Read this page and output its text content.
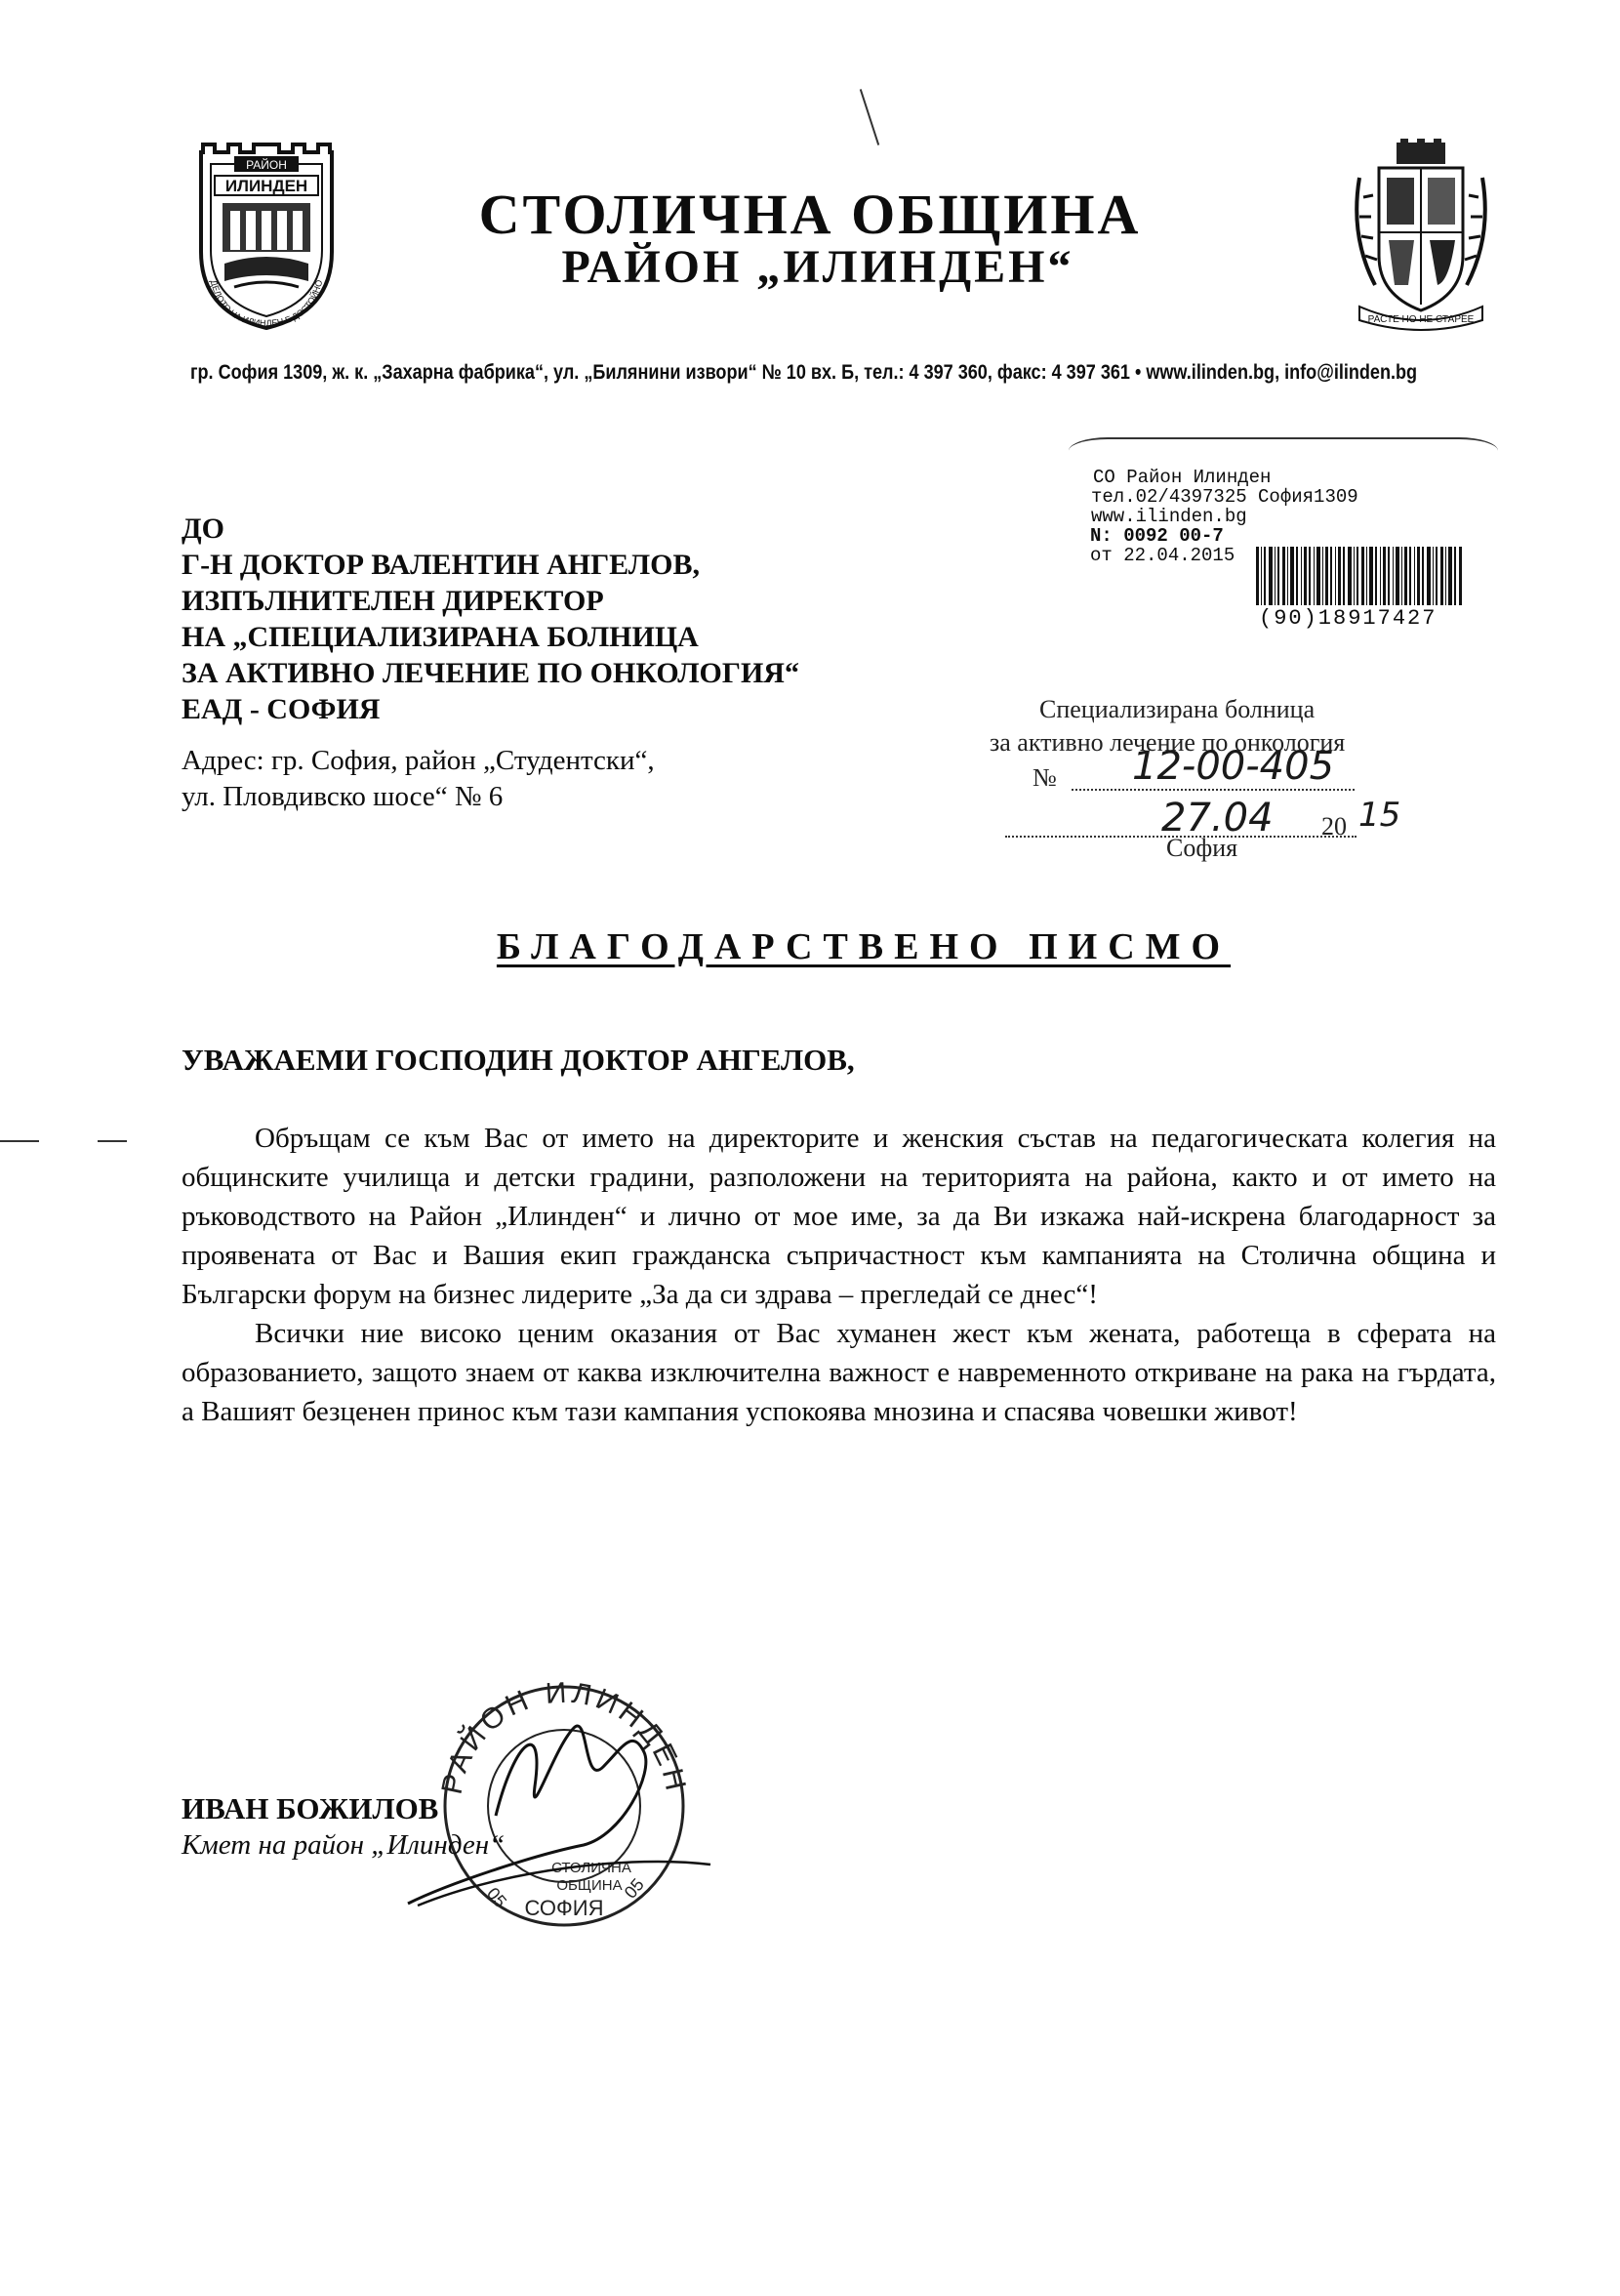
РАЙОН
ИЛИНДЕН
ДЕЛОТО НА ИЛИНДЕН Е ДОСТОЙНО
СТОЛИЧНА ОБЩИНА
РАЙОН „ИЛИНДЕН“
РАСТЕ НО НЕ СТАРЕЕ
гр. София 1309, ж. к. „Захарна фабрика“, ул. „Билянини извори“ № 10 вх. Б, тел.: 4 397 360, факс: 4 397 361 • www.ilinden.bg, info@ilinden.bg
СО Район Илинден
тел.02/4397325 София1309
www.ilinden.bg
N: 0092 00-7
от 22.04.2015
(90)18917427
ДО
Г-Н ДОКТОР ВАЛЕНТИН АНГЕЛОВ,
ИЗПЪЛНИТЕЛЕН ДИРЕКТОР
НА „СПЕЦИАЛИЗИРАНА БОЛНИЦА
ЗА АКТИВНО ЛЕЧЕНИЕ ПО ОНКОЛОГИЯ“
ЕАД - СОФИЯ
Адрес: гр. София, район „Студентски“,
ул. Пловдивско шосе“ № 6
Специализирана болница
за активно лечение по онкология
№ 12-00-405
27.04 20 15
София
БЛАГОДАРСТВЕНО ПИСМО
УВАЖАЕМИ ГОСПОДИН ДОКТОР АНГЕЛОВ,

Обръщам се към Вас от името на директорите и женския състав на педагогическата колегия на общинските училища и детски градини, разположени на територията на района, както и от името на ръководството на Район „Илинден“ и лично от мое име, за да Ви изкажа най-искрена благодарност за проявената от Вас и Вашия екип гражданска съпричастност към кампанията на Столична община и Български форум на бизнес лидерите „За да си здрава – прегледай се днес“!

Всички ние високо ценим оказания от Вас хуманен жест към жената, работеща в сферата на образованието, защото знаем от каква изключителна важност е навременното откриване на рака на гърдата, а Вашият безценен принос към тази кампания успокоява мнозина и спасява човешки живот!

РАЙОН ИЛИНДЕН
СТОЛИЧНА
ОБЩИНА
СОФИЯ
05	05
ИВАН БОЖИЛОВ
Кмет на район „Илинден“
